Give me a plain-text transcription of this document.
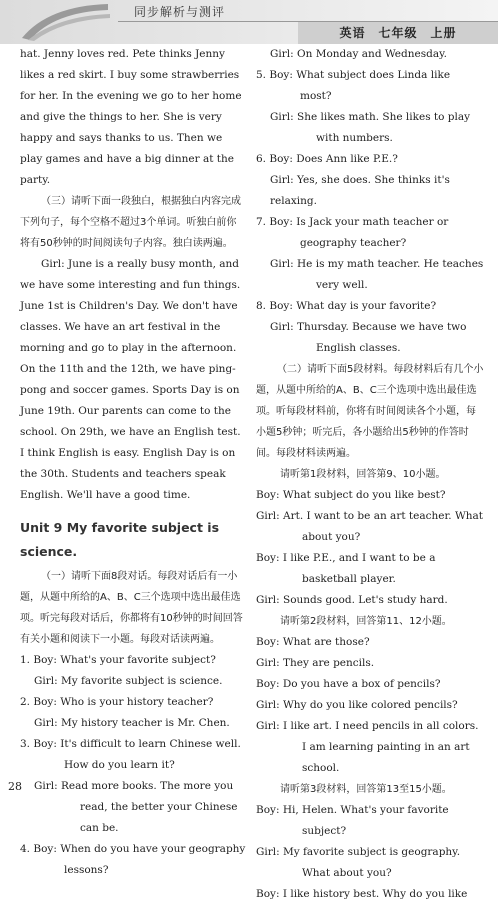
同步解析与测评
英语　七年级　上册

hat. Jenny loves red. Pete thinks Jenny likes a red skirt. I buy some strawberries for her. In the evening we go to her home and give the things to her. She is very happy and says thanks to us. Then we play games and have a big dinner at the party.

（三）请听下面一段独白，根据独白内容完成下列句子，每个空格不超过3个单词。听独白前你将有50秒钟的时间阅读句子内容。独白读两遍。

Girl: June is a really busy month, and we have some interesting and fun things. June 1st is Children's Day. We don't have classes. We have an art festival in the morning and go to play in the afternoon. On the 11th and the 12th, we have ping-pong and soccer games. Sports Day is on June 19th. Our parents can come to the school. On 29th, we have an English test. I think English is easy. English Day is on the 30th. Students and teachers speak English. We'll have a good time.

Unit 9 My favorite subject is science.

（一）请听下面8段对话。每段对话后有一小题，从题中所给的A、B、C三个选项中选出最佳选项。听完每段对话后，你都将有10秒钟的时间回答有关小题和阅读下一小题。每段对话读两遍。

1. Boy: What's your favorite subject?

Girl: My favorite subject is science.

2. Boy: Who is your history teacher?

Girl: My history teacher is Mr. Chen.

3. Boy: It's difficult to learn Chinese well. How do you learn it?

Girl: Read more books. The more you read, the better your Chinese can be.

4. Boy: When do you have your geography lessons?

Girl: On Monday and Wednesday.

5. Boy: What subject does Linda like most?

Girl: She likes math. She likes to play with numbers.

6. Boy: Does Ann like P.E.?

Girl: Yes, she does. She thinks it's relaxing.

7. Boy: Is Jack your math teacher or geography teacher?

Girl: He is my math teacher. He teaches very well.

8. Boy: What day is your favorite?

Girl: Thursday. Because we have two English classes.

（二）请听下面5段材料。每段材料后有几个小题，从题中所给的A、B、C三个选项中选出最佳选项。听每段材料前，你将有时间阅读各个小题，每小题5秒钟；听完后，各小题给出5秒钟的作答时间。每段材料读两遍。

请听第1段材料，回答第9、10小题。

Boy: What subject do you like best?

Girl: Art. I want to be an art teacher. What about you?

Boy: I like P.E., and I want to be a basketball player.

Girl: Sounds good. Let's study hard.

请听第2段材料，回答第11、12小题。

Boy: What are those?

Girl: They are pencils.

Boy: Do you have a box of pencils?

Girl: Why do you like colored pencils?

Girl: I like art. I need pencils in all colors. I am learning painting in an art school.

请听第3段材料，回答第13至15小题。

Boy: Hi, Helen. What's your favorite subject?

Girl: My favorite subject is geography. What about you?

Boy: I like history best. Why do you like

28
